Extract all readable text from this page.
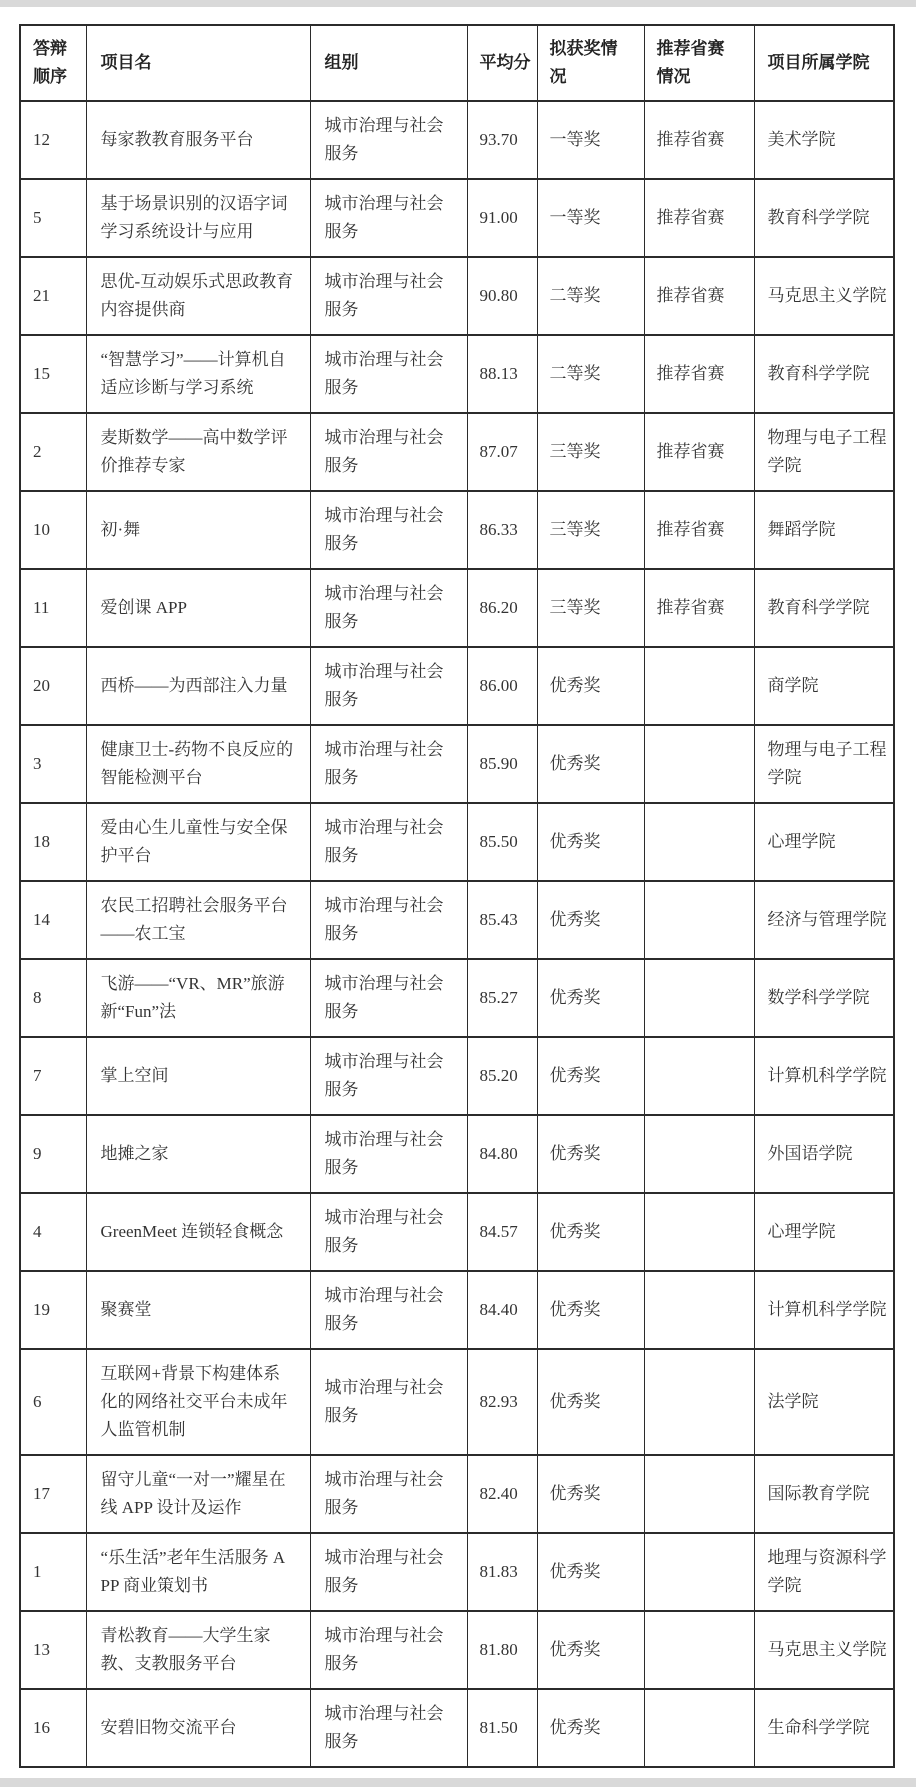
答辩顺序	项目名	组别	平均分	拟获奖情况	推荐省赛情况	项目所属学院
12	每家教教育服务平台	城市治理与社会服务	93.70	一等奖	推荐省赛	美术学院
5	基于场景识别的汉语字词学习系统设计与应用	城市治理与社会服务	91.00	一等奖	推荐省赛	教育科学学院
21	思优-互动娱乐式思政教育内容提供商	城市治理与社会服务	90.80	二等奖	推荐省赛	马克思主义学院
15	“智慧学习”——计算机自适应诊断与学习系统	城市治理与社会服务	88.13	二等奖	推荐省赛	教育科学学院
2	麦斯数学——高中数学评价推荐专家	城市治理与社会服务	87.07	三等奖	推荐省赛	物理与电子工程学院
10	初·舞	城市治理与社会服务	86.33	三等奖	推荐省赛	舞蹈学院
11	爱创课 APP	城市治理与社会服务	86.20	三等奖	推荐省赛	教育科学学院
20	西桥——为西部注入力量	城市治理与社会服务	86.00	优秀奖		商学院
3	健康卫士-药物不良反应的智能检测平台	城市治理与社会服务	85.90	优秀奖		物理与电子工程学院
18	爱由心生儿童性与安全保护平台	城市治理与社会服务	85.50	优秀奖		心理学院
14	农民工招聘社会服务平台——农工宝	城市治理与社会服务	85.43	优秀奖		经济与管理学院
8	飞游——“VR、MR”旅游新“Fun”法	城市治理与社会服务	85.27	优秀奖		数学科学学院
7	掌上空间	城市治理与社会服务	85.20	优秀奖		计算机科学学院
9	地摊之家	城市治理与社会服务	84.80	优秀奖		外国语学院
4	GreenMeet 连锁轻食概念	城市治理与社会服务	84.57	优秀奖		心理学院
19	聚赛堂	城市治理与社会服务	84.40	优秀奖		计算机科学学院
6	互联网+背景下构建体系化的网络社交平台未成年人监管机制	城市治理与社会服务	82.93	优秀奖		法学院
17	留守儿童“一对一”耀星在线 APP 设计及运作	城市治理与社会服务	82.40	优秀奖		国际教育学院
1	“乐生活”老年生活服务 APP 商业策划书	城市治理与社会服务	81.83	优秀奖		地理与资源科学学院
13	青松教育——大学生家教、支教服务平台	城市治理与社会服务	81.80	优秀奖		马克思主义学院
16	安碧旧物交流平台	城市治理与社会服务	81.50	优秀奖		生命科学学院
